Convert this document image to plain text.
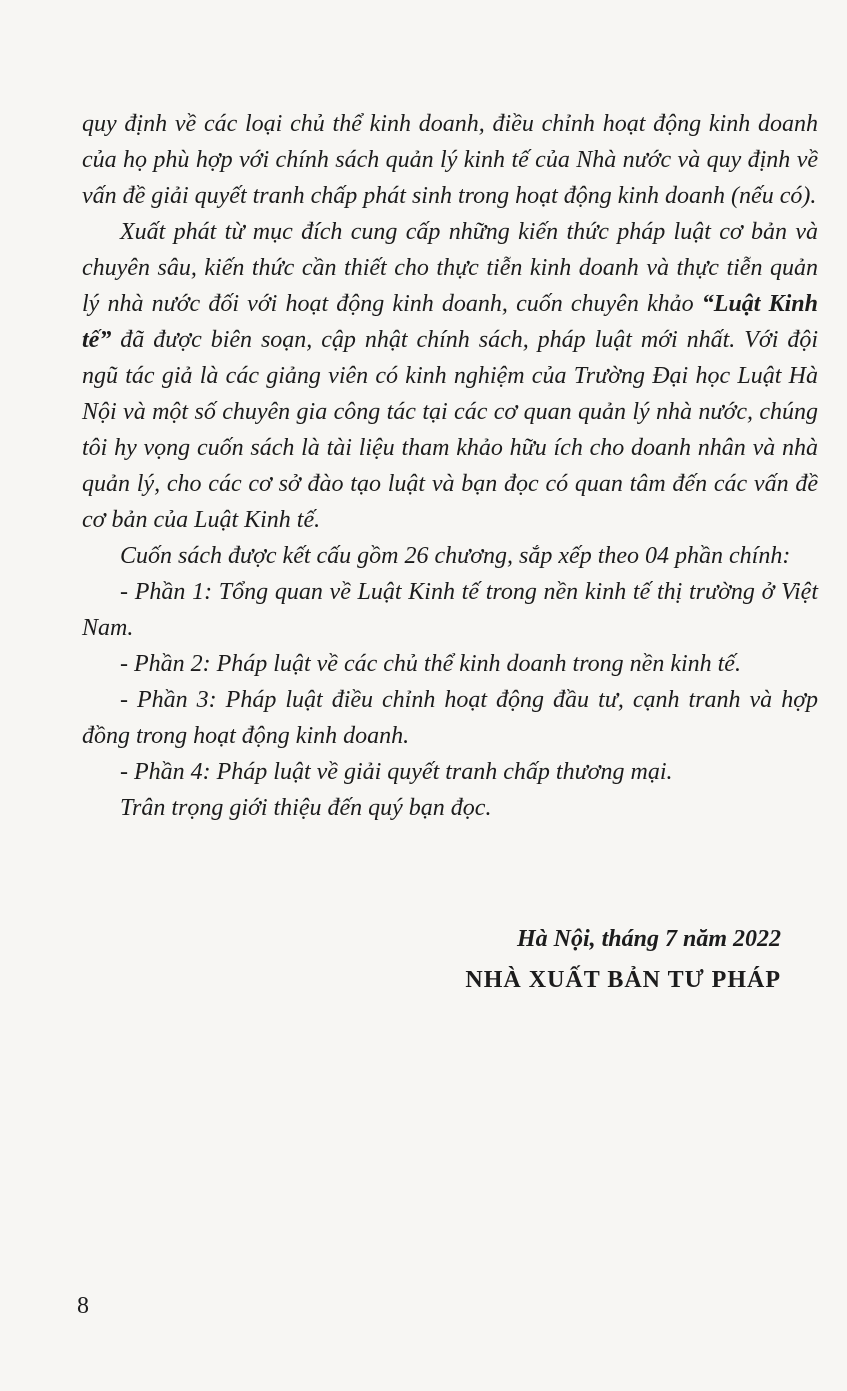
quy định về các loại chủ thể kinh doanh, điều chỉnh hoạt động kinh doanh của họ phù hợp với chính sách quản lý kinh tế của Nhà nước và quy định về vấn đề giải quyết tranh chấp phát sinh trong hoạt động kinh doanh (nếu có).

Xuất phát từ mục đích cung cấp những kiến thức pháp luật cơ bản và chuyên sâu, kiến thức cần thiết cho thực tiễn kinh doanh và thực tiễn quản lý nhà nước đối với hoạt động kinh doanh, cuốn chuyên khảo “Luật Kinh tế” đã được biên soạn, cập nhật chính sách, pháp luật mới nhất. Với đội ngũ tác giả là các giảng viên có kinh nghiệm của Trường Đại học Luật Hà Nội và một số chuyên gia công tác tại các cơ quan quản lý nhà nước, chúng tôi hy vọng cuốn sách là tài liệu tham khảo hữu ích cho doanh nhân và nhà quản lý, cho các cơ sở đào tạo luật và bạn đọc có quan tâm đến các vấn đề cơ bản của Luật Kinh tế.

Cuốn sách được kết cấu gồm 26 chương, sắp xếp theo 04 phần chính:

- Phần 1: Tổng quan về Luật Kinh tế trong nền kinh tế thị trường ở Việt Nam.

- Phần 2: Pháp luật về các chủ thể kinh doanh trong nền kinh tế.

- Phần 3: Pháp luật điều chỉnh hoạt động đầu tư, cạnh tranh và hợp đồng trong hoạt động kinh doanh.

- Phần 4: Pháp luật về giải quyết tranh chấp thương mại.

Trân trọng giới thiệu đến quý bạn đọc.

Hà Nội, tháng 7 năm 2022
NHÀ XUẤT BẢN TƯ PHÁP
8
